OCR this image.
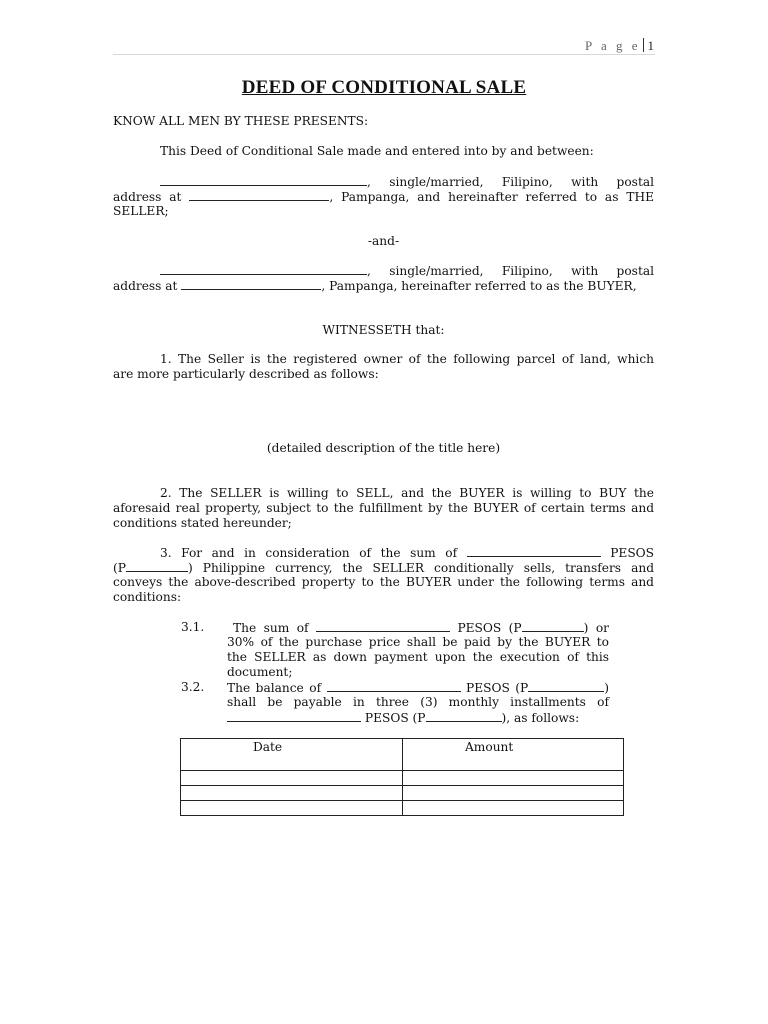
P a g e 1
DEED OF CONDITIONAL SALE
KNOW ALL MEN BY THESE PRESENTS:
This Deed of Conditional Sale made and entered into by and between:
, single/married, Filipino, with postal
address at	, Pampanga, and hereinafter referred to as THE
SELLER;
-and-
, single/married, Filipino, with postal
address at	, Pampanga, hereinafter referred to as the BUYER,
WITNESSETH that:
1. The Seller is the registered owner of the following parcel of land, which
are more particularly described as follows:
(detailed description of the title here)
2. The SELLER is willing to SELL, and the BUYER is willing to BUY the
aforesaid real property, subject to the fulfillment by the BUYER of certain terms and
conditions stated hereunder;
3. For and in consideration of the sum of	PESOS
(P	) Philippine currency, the SELLER conditionally sells, transfers and
conveys the above-described property to the BUYER under the following terms and
conditions:
3.1.	The sum of	PESOS (P	) or
30% of the purchase price shall be paid by the BUYER to
the SELLER as down payment upon the execution of this
document;
3.2. The balance of	PESOS (P	)
shall be payable in three (3) monthly installments of
PESOS (P	), as follows:
Date	Amount
